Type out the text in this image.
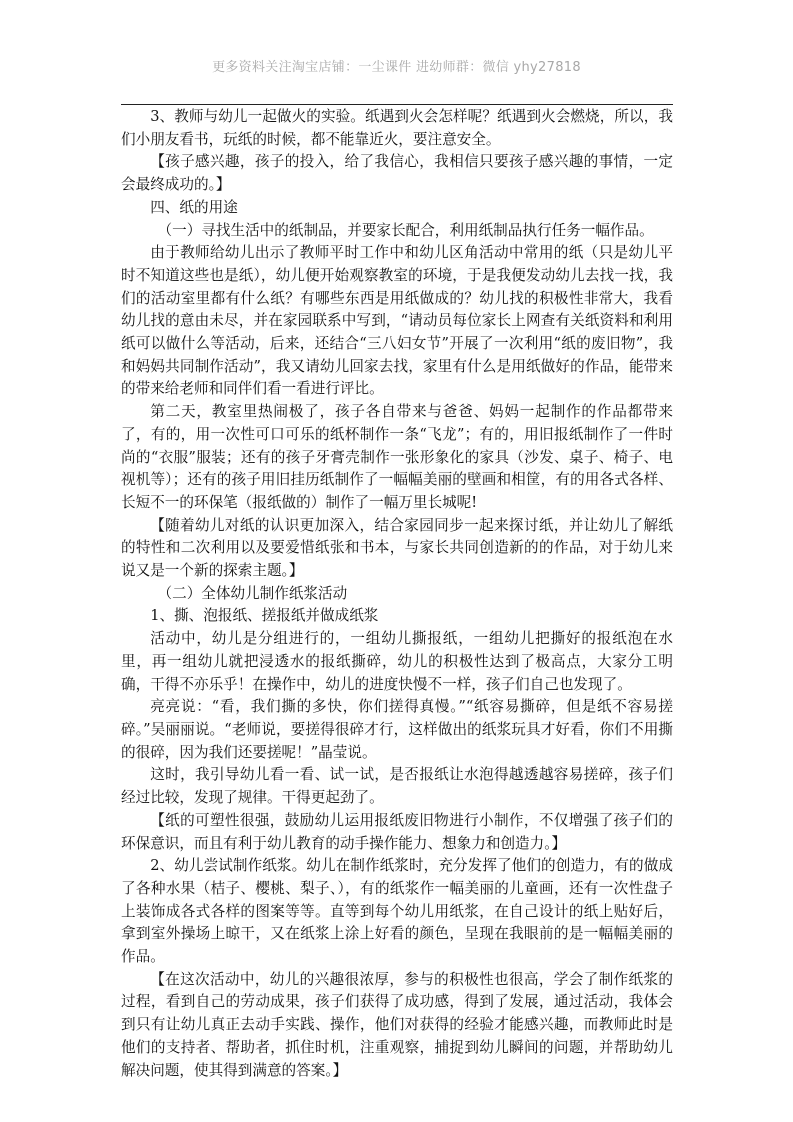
更多资料关注淘宝店铺：一尘课件 进幼师群：微信 yhy27818

3、教师与幼儿一起做火的实验。纸遇到火会怎样呢？纸遇到火会燃烧，所以，我们小朋友看书，玩纸的时候，都不能靠近火，要注意安全。

【孩子感兴趣，孩子的投入，给了我信心，我相信只要孩子感兴趣的事情，一定会最终成功的。】

四、纸的用途

（一）寻找生活中的纸制品，并要家长配合，利用纸制品执行任务一幅作品。

由于教师给幼儿出示了教师平时工作中和幼儿区角活动中常用的纸（只是幼儿平时不知道这些也是纸），幼儿便开始观察教室的环境，于是我便发动幼儿去找一找，我们的活动室里都有什么纸？有哪些东西是用纸做成的？幼儿找的积极性非常大，我看幼儿找的意由未尽，并在家园联系中写到，“请动员每位家长上网查有关纸资料和利用纸可以做什么等活动，后来，还结合“三八妇女节”开展了一次利用“纸的废旧物”，我和妈妈共同制作活动”，我又请幼儿回家去找，家里有什么是用纸做好的作品，能带来的带来给老师和同伴们看一看进行评比。

第二天，教室里热闹极了，孩子各自带来与爸爸、妈妈一起制作的作品都带来了，有的，用一次性可口可乐的纸杯制作一条“飞龙”；有的，用旧报纸制作了一件时尚的“衣服”服装；还有的孩子牙膏壳制作一张形象化的家具（沙发、桌子、椅子、电视机等）；还有的孩子用旧挂历纸制作了一幅幅美丽的壁画和相筐，有的用各式各样、长短不一的环保笔（报纸做的）制作了一幅万里长城呢!

【随着幼儿对纸的认识更加深入，结合家园同步一起来探讨纸，并让幼儿了解纸的特性和二次利用以及要爱惜纸张和书本，与家长共同创造新的的作品，对于幼儿来说又是一个新的探索主题。】

（二）全体幼儿制作纸浆活动

1、撕、泡报纸、搓报纸并做成纸浆

活动中，幼儿是分组进行的，一组幼儿撕报纸，一组幼儿把撕好的报纸泡在水里，再一组幼儿就把浸透水的报纸撕碎，幼儿的积极性达到了极高点，大家分工明确，干得不亦乐乎！在操作中，幼儿的进度快慢不一样，孩子们自己也发现了。

亮亮说：“看，我们撕的多快，你们搓得真慢。”“纸容易撕碎，但是纸不容易搓碎。”吴丽丽说。“老师说，要搓得很碎才行，这样做出的纸浆玩具才好看，你们不用撕的很碎，因为我们还要搓呢！”晶莹说。

这时，我引导幼儿看一看、试一试，是否报纸让水泡得越透越容易搓碎，孩子们经过比较，发现了规律。干得更起劲了。

【纸的可塑性很强，鼓励幼儿运用报纸废旧物进行小制作，不仅增强了孩子们的环保意识，而且有利于幼儿教育的动手操作能力、想象力和创造力。】

2、幼儿尝试制作纸浆。幼儿在制作纸浆时，充分发挥了他们的创造力，有的做成了各种水果（桔子、樱桃、梨子、），有的纸浆作一幅美丽的儿童画，还有一次性盘子上装饰成各式各样的图案等等。直等到每个幼儿用纸浆，在自己设计的纸上贴好后，拿到室外操场上晾干，又在纸浆上涂上好看的颜色，呈现在我眼前的是一幅幅美丽的作品。

【在这次活动中，幼儿的兴趣很浓厚，参与的积极性也很高，学会了制作纸浆的过程，看到自己的劳动成果，孩子们获得了成功感，得到了发展，通过活动，我体会到只有让幼儿真正去动手实践、操作，他们对获得的经验才能感兴趣，而教师此时是他们的支持者、帮助者，抓住时机，注重观察，捕捉到幼儿瞬间的问题，并帮助幼儿解决问题，使其得到满意的答案。】
